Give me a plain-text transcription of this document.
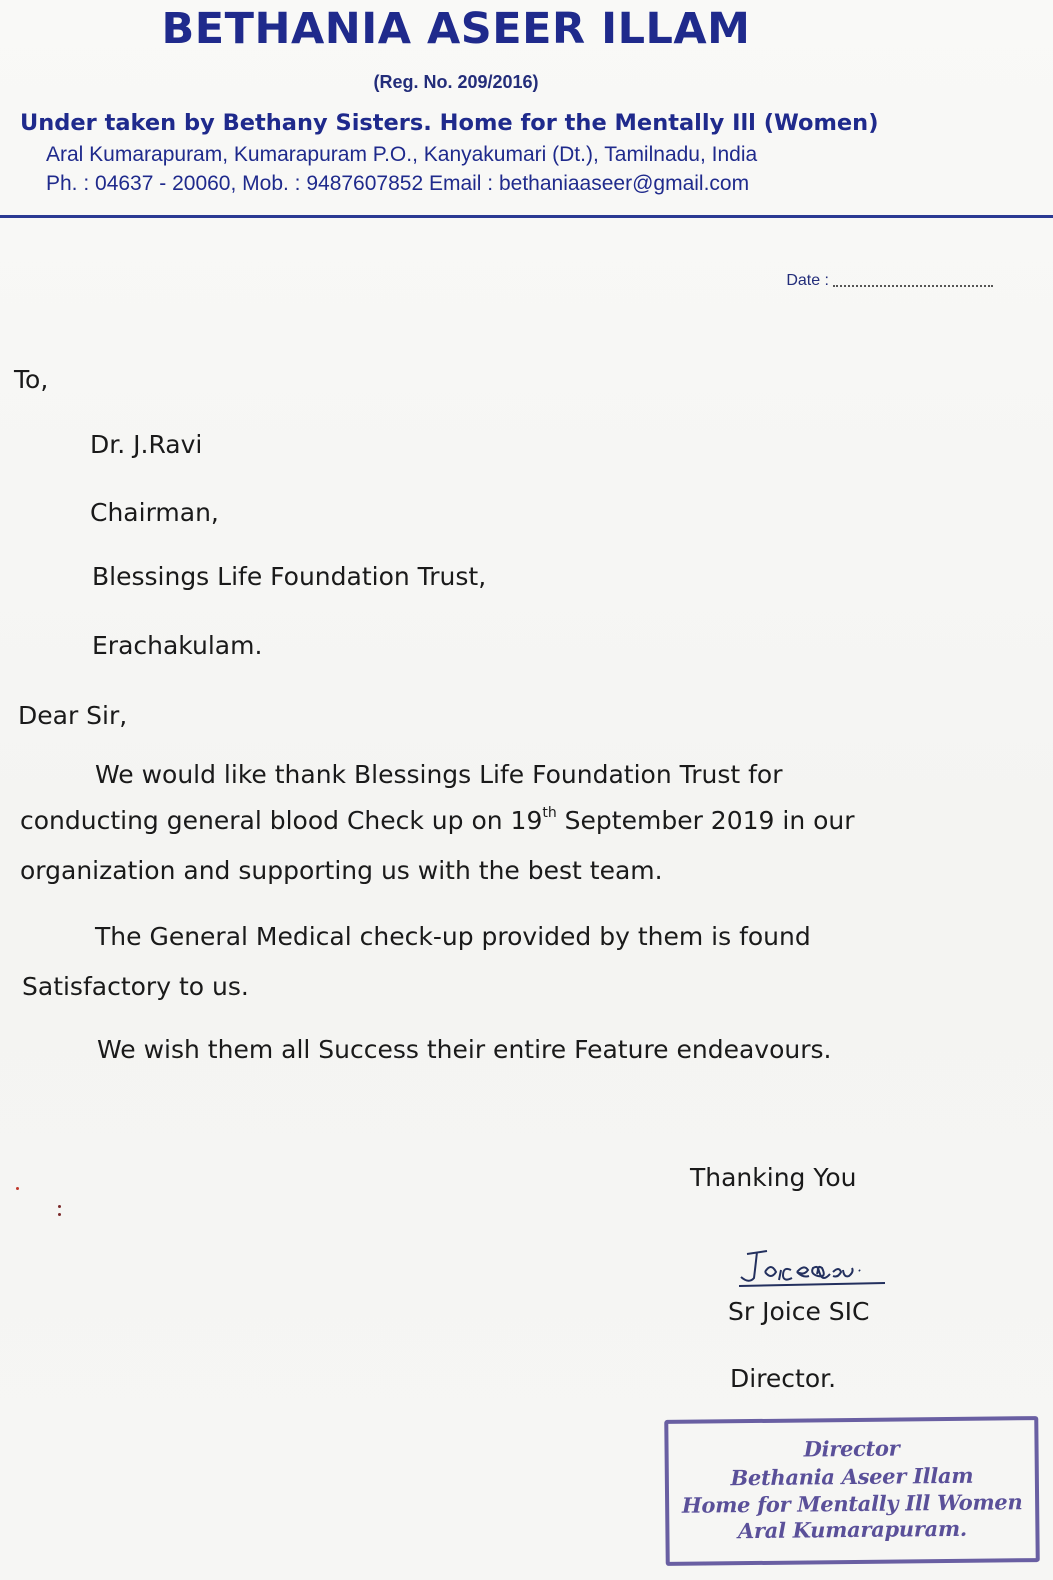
BETHANIA ASEER ILLAM
(Reg. No. 209/2016)
Under taken by Bethany Sisters. Home for the Mentally Ill (Women)
Aral Kumarapuram, Kumarapuram P.O., Kanyakumari (Dt.), Tamilnadu, India
Ph. : 04637 - 20060, Mob. : 9487607852 Email : bethaniaaseer@gmail.com
Date :
To,
Dr. J.Ravi
Chairman,
Blessings Life Foundation Trust,
Erachakulam.
Dear Sir,
We would like thank Blessings Life Foundation Trust for
conducting general blood Check up on 19th September 2019 in our
organization and supporting us with the best team.
The General Medical check-up provided by them is found
Satisfactory to us.
We wish them all Success their entire Feature endeavours.
Thanking You
Sr Joice SIC
Director.
Director
Bethania Aseer Illam
Home for Mentally Ill Women
Aral Kumarapuram.
